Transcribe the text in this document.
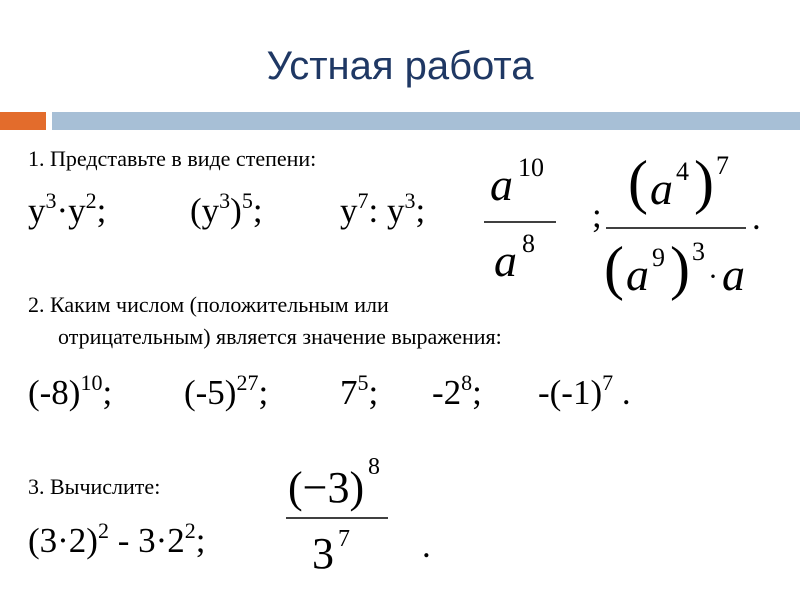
Устная работа
1. Представьте в виде степени:
$y^3\cdot y^2$; $(y^3)^5$; $y^7$: $y^3$;
a 10
a 8
;
( a 4 ) 7
( a 9 ) 3
· a
.
2. Каким числом (положительным или
отрицательным) является значение выражения:
$(-8)^{10}$; $(-5)^{27}$; $7^5$; $-2^8$; $-(-1)^7$ .
3. Вычислите:
$(3\cdot 2)^2 - 3\cdot 2^2$;
(−3) 8
3 7 .
